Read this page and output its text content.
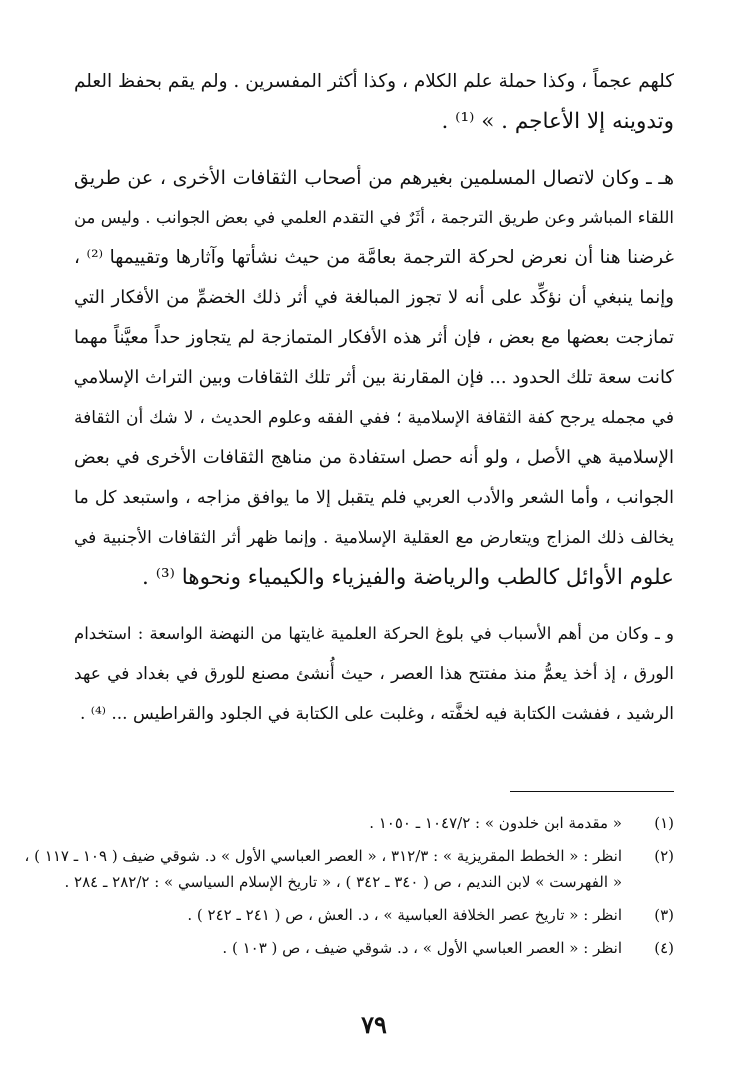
كلهم عجماً ، وكذا حملة علم الكلام ، وكذا أكثر المفسرين . ولم يقم بحفظ العلم
وتدوينه إلا الأعاجم . » ⁽¹⁾ .
هـ ـ وكان لاتصال المسلمين بغيرهم من أصحاب الثقافات الأخرى ، عن طريق
اللقاء المباشر وعن طريق الترجمة ، أثَرٌ في التقدم العلمي في بعض الجوانب . وليس من
غرضنا هنا أن نعرض لحركة الترجمة بعامَّة من حيث نشأتها وآثارها وتقييمها ⁽²⁾ ،
وإنما ينبغي أن نؤكِّد على أنه لا تجوز المبالغة في أثر ذلك الخضمِّ من الأفكار التي
تمازجت بعضها مع بعض ، فإن أثر هذه الأفكار المتمازجة لم يتجاوز حداً معيَّناً مهما
كانت سعة تلك الحدود ... فإن المقارنة بين أثر تلك الثقافات وبين التراث الإسلامي
في مجمله يرجح كفة الثقافة الإسلامية ؛ ففي الفقه وعلوم الحديث ، لا شك أن الثقافة
الإسلامية هي الأصل ، ولو أنه حصل استفادة من مناهج الثقافات الأخرى في بعض
الجوانب ، وأما الشعر والأدب العربي فلم يتقبل إلا ما يوافق مزاجه ، واستبعد كل ما
يخالف ذلك المزاج ويتعارض مع العقلية الإسلامية . وإنما ظهر أثر الثقافات الأجنبية في
علوم الأوائل كالطب والرياضة والفيزياء والكيمياء ونحوها ⁽³⁾ .
و ـ وكان من أهم الأسباب في بلوغ الحركة العلمية غايتها من النهضة الواسعة : استخدام
الورق ، إذ أخذ يعمُّ منذ مفتتح هذا العصر ، حيث أُنشئ مصنع للورق في بغداد في عهد
الرشيد ، ففشت الكتابة فيه لخفَّته ، وغلبت على الكتابة في الجلود والقراطيس ... ⁽⁴⁾ .
(١)
« مقدمة ابن خلدون » : ١٠٤٧/٢ ـ ١٠٥٠ .
(٢)
انظر : « الخطط المقريزية » : ٣١٢/٣ ، « العصر العباسي الأول » د. شوقي ضيف ( ١٠٩ ـ ١١٧ ) ،
« الفهرست » لابن النديم ، ص ( ٣٤٠ ـ ٣٤٢ ) ، « تاريخ الإسلام السياسي » : ٢٨٢/٢ ـ ٢٨٤ .
(٣)
انظر : « تاريخ عصر الخلافة العباسية » ، د. العش ، ص ( ٢٤١ ـ ٢٤٢ ) .
(٤)
انظر : « العصر العباسي الأول » ، د. شوقي ضيف ، ص ( ١٠٣ ) .
٧٩
